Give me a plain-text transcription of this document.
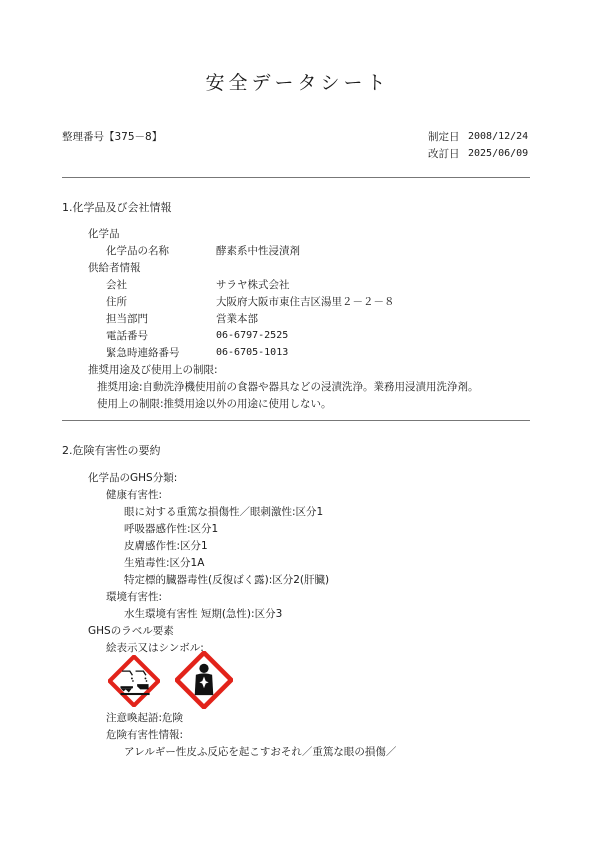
安全データシート
整理番号【375－8】	制定日 2008/12/24
改訂日 2025/06/09
1.化学品及び会社情報
化学品
化学品の名称	酵素系中性浸漬剤
供給者情報
会社	サラヤ株式会社
住所	大阪府大阪市東住吉区湯里２－２－８
担当部門	営業本部
電話番号	06-6797-2525
緊急時連絡番号	06-6705-1013
推奨用途及び使用上の制限:
推奨用途:自動洗浄機使用前の食器や器具などの浸漬洗浄。業務用浸漬用洗浄剤。
使用上の制限:推奨用途以外の用途に使用しない。
2.危険有害性の要約
化学品のGHS分類:
健康有害性:
眼に対する重篤な損傷性／眼刺激性:区分1
呼吸器感作性:区分1
皮膚感作性:区分1
生殖毒性:区分1A
特定標的臓器毒性(反復ばく露):区分2(肝臓)
環境有害性:
水生環境有害性 短期(急性):区分3
GHSのラベル要素
絵表示又はシンボル:
注意喚起語:危険
危険有害性情報:
アレルギー性皮ふ反応を起こすおそれ／重篤な眼の損傷／
